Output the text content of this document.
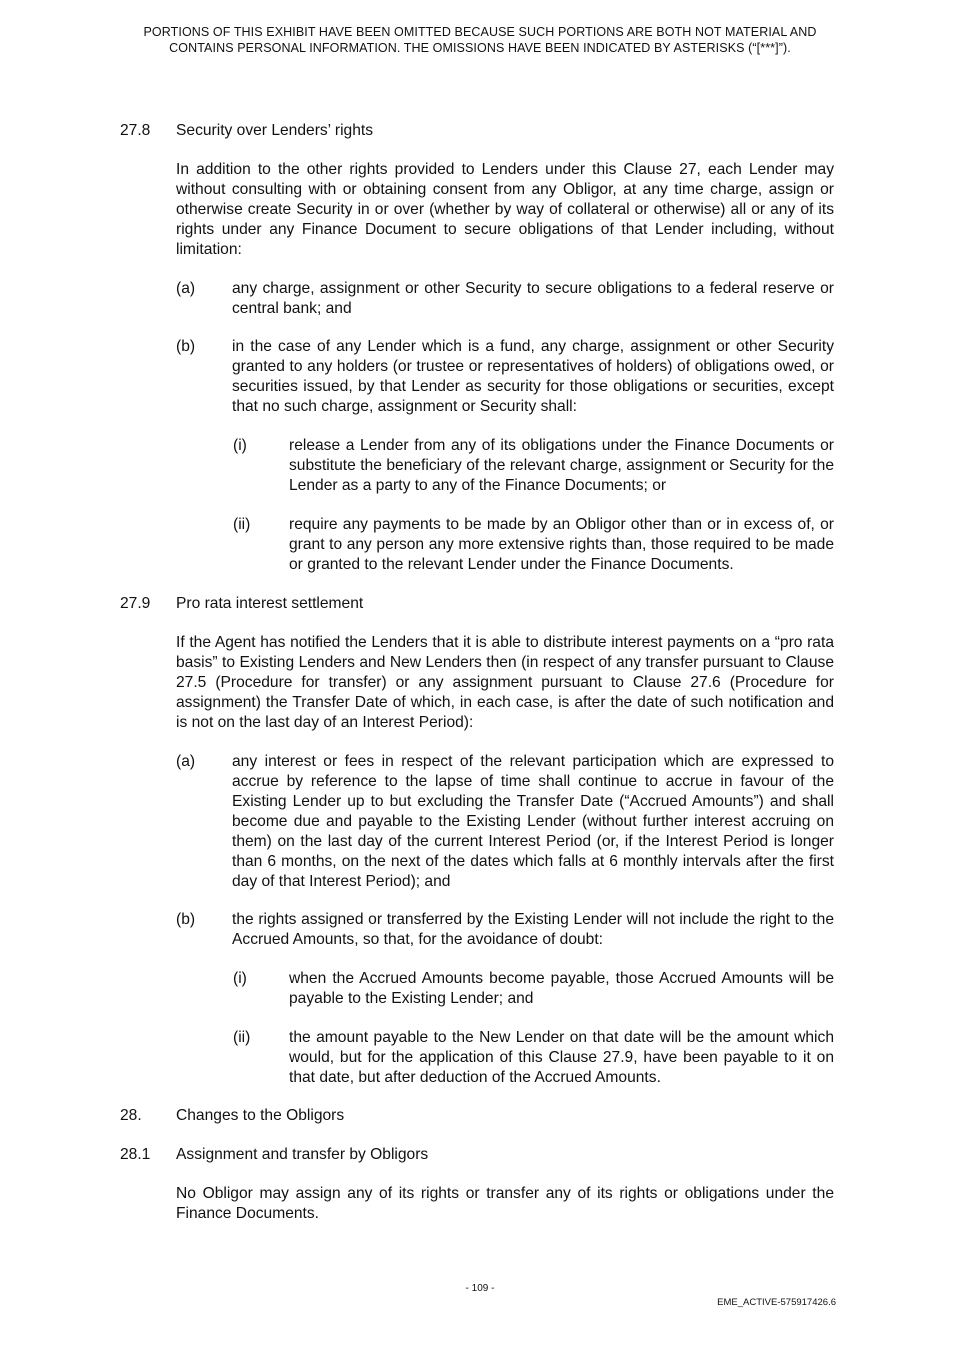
PORTIONS OF THIS EXHIBIT HAVE BEEN OMITTED BECAUSE SUCH PORTIONS ARE BOTH NOT MATERIAL AND CONTAINS PERSONAL INFORMATION. THE OMISSIONS HAVE BEEN INDICATED BY ASTERISKS (“[***]”).
27.8 Security over Lenders’ rights
In addition to the other rights provided to Lenders under this Clause 27, each Lender may without consulting with or obtaining consent from any Obligor, at any time charge, assign or otherwise create Security in or over (whether by way of collateral or otherwise) all or any of its rights under any Finance Document to secure obligations of that Lender including, without limitation:
(a) any charge, assignment or other Security to secure obligations to a federal reserve or central bank; and
(b) in the case of any Lender which is a fund, any charge, assignment or other Security granted to any holders (or trustee or representatives of holders) of obligations owed, or securities issued, by that Lender as security for those obligations or securities, except that no such charge, assignment or Security shall:
(i)	release a Lender from any of its obligations under the Finance Documents or substitute the beneficiary of the relevant charge, assignment or Security for the Lender as a party to any of the Finance Documents; or
(ii) require any payments to be made by an Obligor other than or in excess of, or grant to any person any more extensive rights than, those required to be made or granted to the relevant Lender under the Finance Documents.
27.9 Pro rata interest settlement
If the Agent has notified the Lenders that it is able to distribute interest payments on a “pro rata basis” to Existing Lenders and New Lenders then (in respect of any transfer pursuant to Clause 27.5 (Procedure for transfer) or any assignment pursuant to Clause 27.6 (Procedure for assignment) the Transfer Date of which, in each case, is after the date of such notification and is not on the last day of an Interest Period):
(a) any interest or fees in respect of the relevant participation which are expressed to accrue by reference to the lapse of time shall continue to accrue in favour of the Existing Lender up to but excluding the Transfer Date (“Accrued Amounts”) and shall become due and payable to the Existing Lender (without further interest accruing on them) on the last day of the current Interest Period (or, if the Interest Period is longer than 6 months, on the next of the dates which falls at 6 monthly intervals after the first day of that Interest Period); and
(b) the rights assigned or transferred by the Existing Lender will not include the right to the Accrued Amounts, so that, for the avoidance of doubt:
(i)	when the Accrued Amounts become payable, those Accrued Amounts will be payable to the Existing Lender; and
(ii) the amount payable to the New Lender on that date will be the amount which would, but for the application of this Clause 27.9, have been payable to it on that date, but after deduction of the Accrued Amounts.
28. Changes to the Obligors
28.1 Assignment and transfer by Obligors
No Obligor may assign any of its rights or transfer any of its rights or obligations under the Finance Documents.
- 109 -
EME_ACTIVE-575917426.6
